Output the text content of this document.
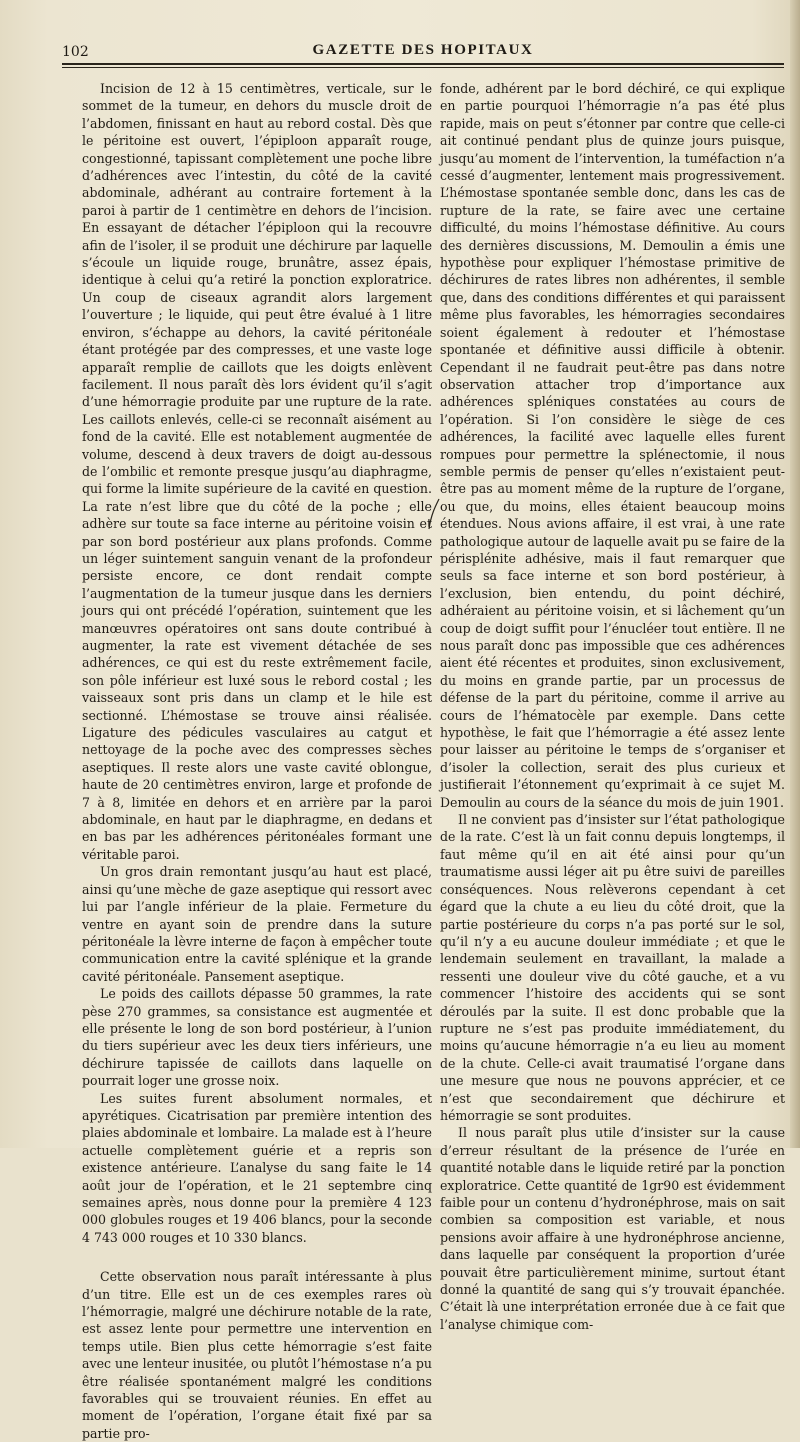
102	GAZETTE DES HOPITAUX

Incision de 12 à 15 centimètres, verticale, sur le sommet de la tumeur, en dehors du muscle droit de l’abdomen, finissant en haut au rebord costal. Dès que le péritoine est ouvert, l’épiploon apparaît rouge, congestionné, tapissant complètement une poche libre d’adhérences avec l’intestin, du côté de la cavité abdominale, adhérant au contraire fortement à la paroi à partir de 1 centimètre en dehors de l’incision. En essayant de détacher l’épiploon qui la recouvre afin de l’isoler, il se produit une déchirure par laquelle s’écoule un liquide rouge, brunâtre, assez épais, identique à celui qu’a retiré la ponction exploratrice. Un coup de ciseaux agrandit alors largement l’ouverture ; le liquide, qui peut être évalué à 1 litre environ, s’échappe au dehors, la cavité péritonéale étant protégée par des compresses, et une vaste loge apparaît remplie de caillots que les doigts enlèvent facilement. Il nous paraît dès lors évident qu’il s’agit d’une hémorragie produite par une rupture de la rate. Les caillots enlevés, celle-ci se reconnaît aisément au fond de la cavité. Elle est notablement augmentée de volume, descend à deux travers de doigt au-dessous de l’ombilic et remonte presque jusqu’au diaphragme, qui forme la limite supérieure de la cavité en question. La rate n’est libre que du côté de la poche ; elle adhère sur toute sa face interne au péritoine voisin et par son bord postérieur aux plans profonds. Comme un léger suintement sanguin venant de la profondeur persiste encore, ce dont rendait compte l’augmentation de la tumeur jusque dans les derniers jours qui ont précédé l’opération, suintement que les manœuvres opératoires ont sans doute contribué à augmenter, la rate est vivement détachée de ses adhérences, ce qui est du reste extrêmement facile, son pôle inférieur est luxé sous le rebord costal ; les vaisseaux sont pris dans un clamp et le hile est sectionné. L’hémostase se trouve ainsi réalisée. Ligature des pédicules vasculaires au catgut et nettoyage de la poche avec des compresses sèches aseptiques. Il reste alors une vaste cavité oblongue, haute de 20 centimètres environ, large et profonde de 7 à 8, limitée en dehors et en arrière par la paroi abdominale, en haut par le diaphragme, en dedans et en bas par les adhérences péritonéales formant une véritable paroi.

Un gros drain remontant jusqu’au haut est placé, ainsi qu’une mèche de gaze aseptique qui ressort avec lui par l’angle inférieur de la plaie. Fermeture du ventre en ayant soin de prendre dans la suture péritonéale la lèvre interne de façon à empêcher toute communication entre la cavité splénique et la grande cavité péritonéale. Pansement aseptique.

Le poids des caillots dépasse 50 grammes, la rate pèse 270 grammes, sa consistance est augmentée et elle présente le long de son bord postérieur, à l’union du tiers supérieur avec les deux tiers inférieurs, une déchirure tapissée de caillots dans laquelle on pourrait loger une grosse noix.

Les suites furent absolument normales, et apyrétiques. Cicatrisation par première intention des plaies abdominale et lombaire. La malade est à l’heure actuelle complètement guérie et a repris son existence antérieure. L’analyse du sang faite le 14 août jour de l’opération, et le 21 septembre cinq semaines après, nous donne pour la première 4 123 000 globules rouges et 19 406 blancs, pour la seconde 4 743 000 rouges et 10 330 blancs.

Cette observation nous paraît intéressante à plus d’un titre. Elle est un de ces exemples rares où l’hémorragie, malgré une déchirure notable de la rate, est assez lente pour permettre une intervention en temps utile. Bien plus cette hémorragie s’est faite avec une lenteur inusitée, ou plutôt l’hémostase n’a pu être réalisée spontanément malgré les conditions favorables qui se trouvaient réunies. En effet au moment de l’opération, l’organe était fixé par sa partie pro-

fonde, adhérent par le bord déchiré, ce qui explique en partie pourquoi l’hémorragie n’a pas été plus rapide, mais on peut s’étonner par contre que celle-ci ait continué pendant plus de quinze jours puisque, jusqu’au moment de l’intervention, la tuméfaction n’a cessé d’augmenter, lentement mais progressivement. L’hémostase spontanée semble donc, dans les cas de rupture de la rate, se faire avec une certaine difficulté, du moins l’hémostase définitive. Au cours des dernières discussions, M. Demoulin a émis une hypothèse pour expliquer l’hémostase primitive de déchirures de rates libres non adhérentes, il semble que, dans des conditions différentes et qui paraissent même plus favorables, les hémorragies secondaires soient également à redouter et l’hémostase spontanée et définitive aussi difficile à obtenir. Cependant il ne faudrait peut-être pas dans notre observation attacher trop d’importance aux adhérences spléniques constatées au cours de l’opération. Si l’on considère le siège de ces adhérences, la facilité avec laquelle elles furent rompues pour permettre la splénectomie, il nous semble permis de penser qu’elles n’existaient peut-être pas au moment même de la rupture de l’organe, ou que, du moins, elles étaient beaucoup moins étendues. Nous avions affaire, il est vrai, à une rate pathologique autour de laquelle avait pu se faire de la périsplénite adhésive, mais il faut remarquer que seuls sa face interne et son bord postérieur, à l’exclusion, bien entendu, du point déchiré, adhéraient au péritoine voisin, et si lâchement qu’un coup de doigt suffit pour l’énucléer tout entière. Il ne nous paraît donc pas impossible que ces adhérences aient été récentes et produites, sinon exclusivement, du moins en grande partie, par un processus de défense de la part du péritoine, comme il arrive au cours de l’hématocèle par exemple. Dans cette hypothèse, le fait que l’hémorragie a été assez lente pour laisser au péritoine le temps de s’organiser et d’isoler la collection, serait des plus curieux et justifierait l’étonnement qu’exprimait à ce sujet M. Demoulin au cours de la séance du mois de juin 1901.

Il ne convient pas d’insister sur l’état pathologique de la rate. C’est là un fait connu depuis longtemps, il faut même qu’il en ait été ainsi pour qu’un traumatisme aussi léger ait pu être suivi de pareilles conséquences. Nous relèverons cependant à cet égard que la chute a eu lieu du côté droit, que la partie postérieure du corps n’a pas porté sur le sol, qu’il n’y a eu aucune douleur immédiate ; et que le lendemain seulement en travaillant, la malade a ressenti une douleur vive du côté gauche, et a vu commencer l’histoire des accidents qui se sont déroulés par la suite. Il est donc probable que la rupture ne s’est pas produite immédiatement, du moins qu’aucune hémorragie n’a eu lieu au moment de la chute. Celle-ci avait traumatisé l’organe dans une mesure que nous ne pouvons apprécier, et ce n’est que secondairement que déchirure et hémorragie se sont produites.

Il nous paraît plus utile d’insister sur la cause d’erreur résultant de la présence de l’urée en quantité notable dans le liquide retiré par la ponction exploratrice. Cette quantité de 1gr90 est évidemment faible pour un contenu d’hydronéphrose, mais on sait combien sa composition est variable, et nous pensions avoir affaire à une hydronéphrose ancienne, dans laquelle par conséquent la proportion d’urée pouvait être particulièrement minime, surtout étant donné la quantité de sang qui s’y trouvait épanchée. C’était là une interprétation erronée due à ce fait que l’analyse chimique com-
